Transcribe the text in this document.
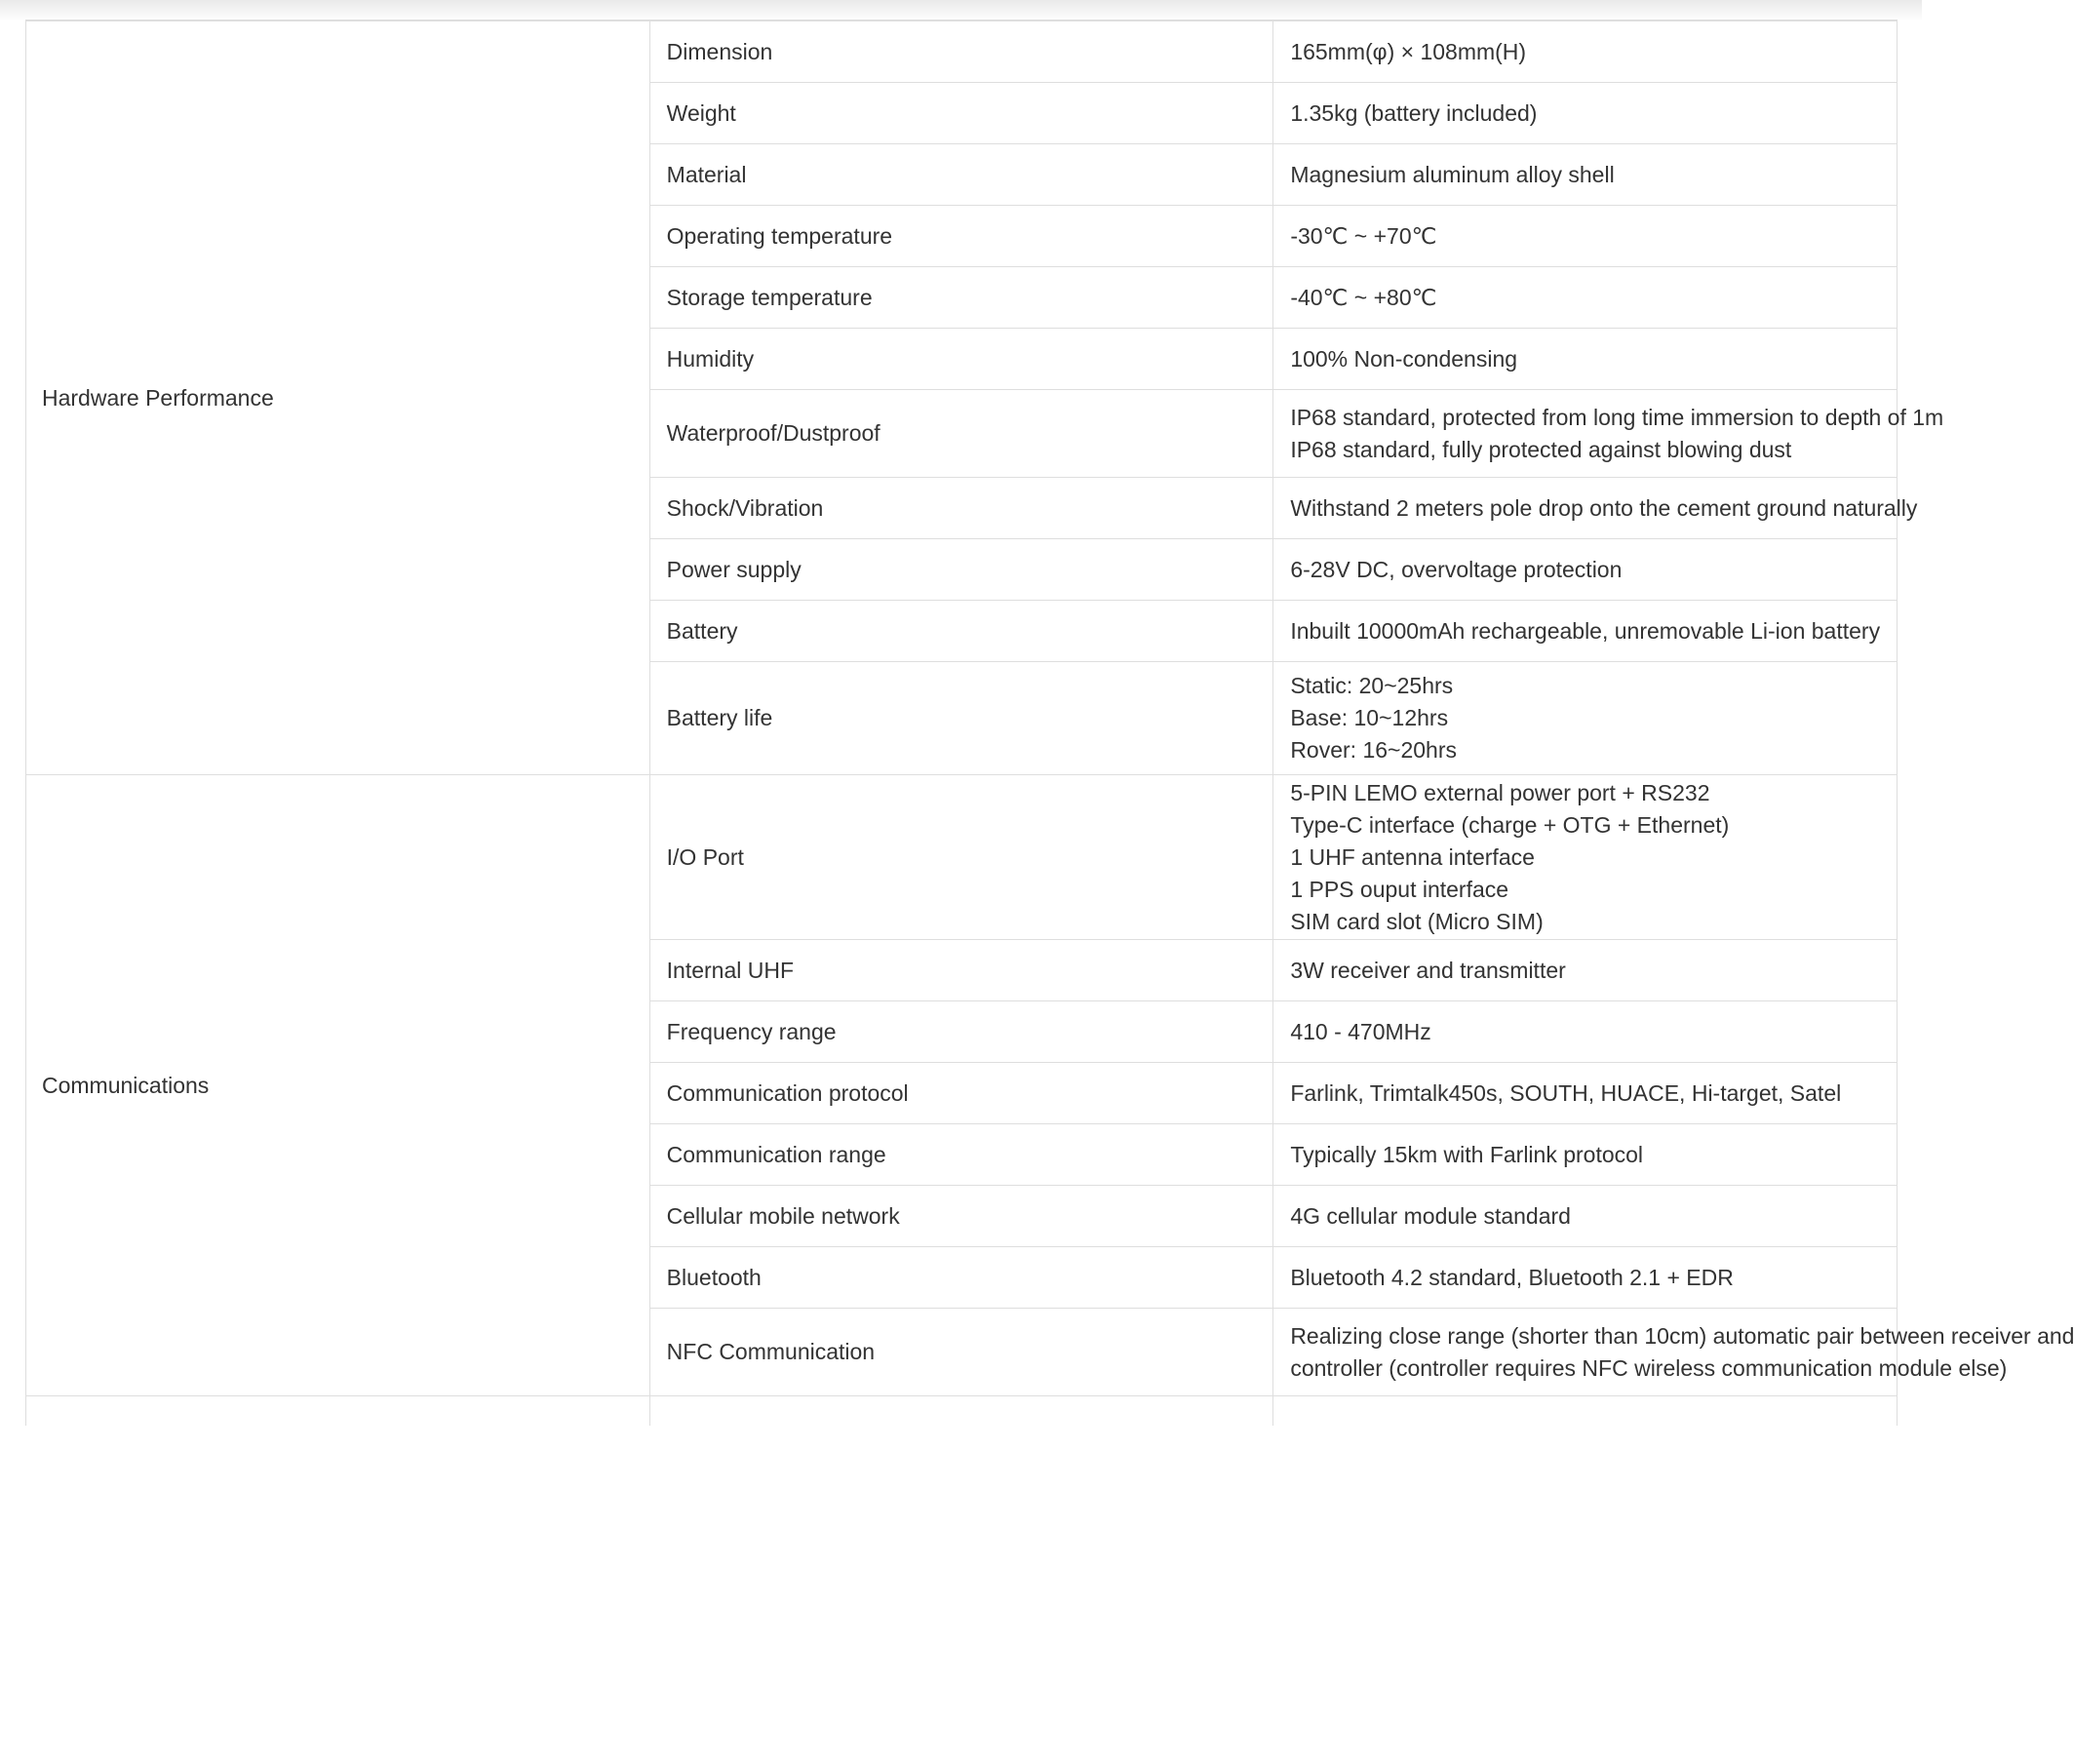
Hardware Performance	Dimension	165mm(φ) × 108mm(H)

	Weight	1.35kg (battery included)

	Material	Magnesium aluminum alloy shell

	Operating temperature	-30℃ ~ +70℃

	Storage temperature	-40℃ ~ +80℃

	Humidity	100% Non-condensing

	Waterproof/Dustproof	IP68 standard, protected from long time immersion to depth of 1m
IP68 standard, fully protected against blowing dust

	Shock/Vibration	Withstand 2 meters pole drop onto the cement ground naturally

	Power supply	6-28V DC, overvoltage protection

	Battery	Inbuilt 10000mAh rechargeable, unremovable Li-ion battery

	Battery life	Static: 20~25hrs
Base: 10~12hrs
Rover: 16~20hrs

Communications	I/O Port	5-PIN LEMO external power port + RS232
Type-C interface (charge + OTG + Ethernet)
1 UHF antenna interface
1 PPS ouput interface
SIM card slot (Micro SIM)

	Internal UHF	3W receiver and transmitter

	Frequency range	410 - 470MHz

	Communication protocol	Farlink, Trimtalk450s, SOUTH, HUACE, Hi-target, Satel

	Communication range	Typically 15km with Farlink protocol

	Cellular mobile network	4G cellular module standard

	Bluetooth	Bluetooth 4.2 standard, Bluetooth 2.1 + EDR

	NFC Communication	Realizing close range (shorter than 10cm) automatic pair between receiver and
controller (controller requires NFC wireless communication module else)
